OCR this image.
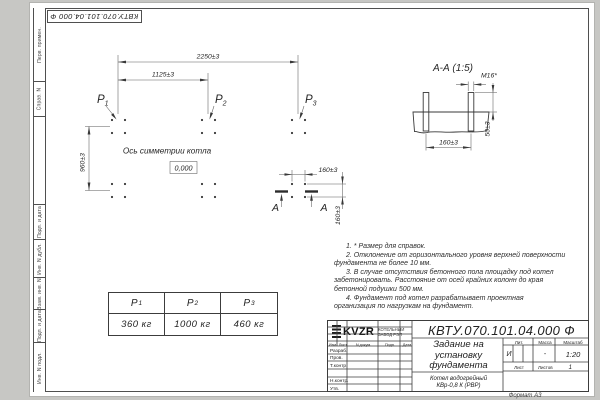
Перв. примен.
Справ. N
Подп. и дата
Инв. N дубл.
Взам. инв. N
Подп. и дата
Инв. N подл.
КВТУ.070.101.04.000 Ф

1. * Размер для справок.

2. Отклонение от горизонтального уровня верхней поверхности фундамента не более 10 мм.

3. В случае отсутствия бетонного пола площадку под котел забетонировать. Расстояние от осей крайних колонн до края бетонной подушки 500 мм.

4. Фундамент под котел разрабатывает проектная организация по нагрузкам на фундамент.

Р 1	Р 2	Р 3
360 кг	1000 кг	460 кг	КВТУ.070.101.04.000 Ф
Задание на
установку
фундамента
Котел водогрейный
КВр-0,8 К (РВР)
Изм. Лист	N докум.	Подп.	Дата
Разраб.
Пров.
Т.контр.
Н.контр.
Утв.
Лит.	Масса	Масштаб
И	-	1:20
Лист	Листов	1
KVZR КОТЕЛЬНЫЙ
ЗАВОД РЭП
Формат А3
2250±3
1125±3
960±3	160±3
160±3
$Р_1$	$Р_2$	$Р_3$
Ось симметрии котла
0,000
А	А
А-А (1:5)
М16*
50±3
160±3
